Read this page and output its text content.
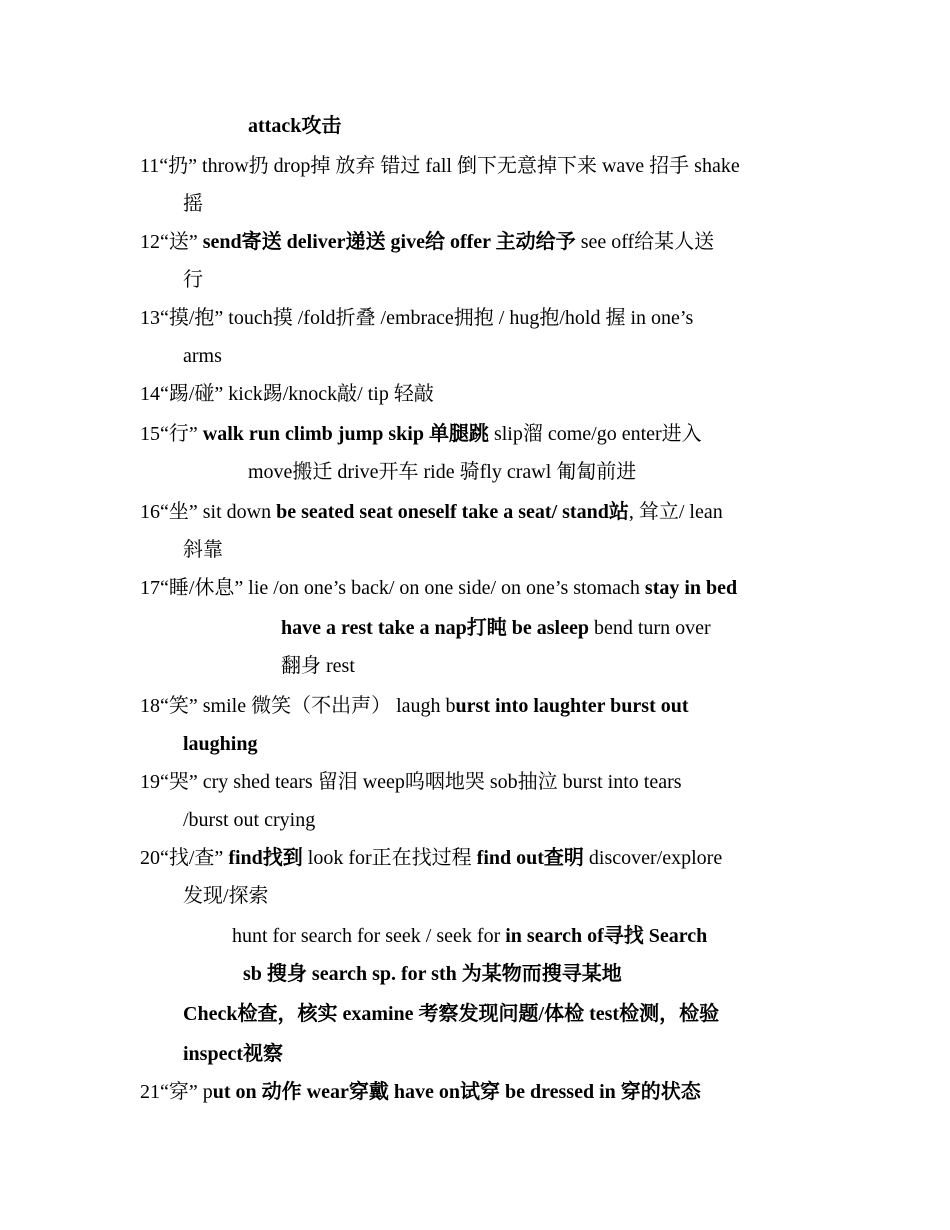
attack攻击
11“扔” throw扔 drop掉 放弃 错过 fall 倒下无意掉下来 wave 招手 shake
摇
12“送” send寄送 deliver递送 give给 offer 主动给予 see off给某人送
行
13“摸/抱” touch摸 /fold折叠 /embrace拥抱 / hug抱/hold 握 in one’s
arms
14“踢/碰” kick踢/knock敲/ tip 轻敲
15“行” walk run climb jump skip 单腿跳 slip溜 come/go enter进入
move搬迁 drive开车 ride 骑fly crawl 匍匐前进
16“坐” sit down be seated seat oneself take a seat/ stand站, 耸立/ lean
斜靠
17“睡/休息” lie /on one’s back/ on one side/ on one’s stomach stay in bed
have a rest take a nap打盹 be asleep bend turn over
翻身 rest
18“笑” smile 微笑（不出声） laugh burst into laughter burst out
laughing
19“哭” cry shed tears 留泪 weep呜咽地哭 sob抽泣 burst into tears
/burst out crying
20“找/查” find找到 look for正在找过程 find out查明 discover/explore
发现/探索
hunt for search for seek / seek for in search of寻找 Search
sb 搜身 search sp. for sth 为某物而搜寻某地
Check检查，核实 examine 考察发现问题/体检 test检测，检验
inspect视察
21“穿” put on 动作 wear穿戴 have on试穿 be dressed in 穿的状态
